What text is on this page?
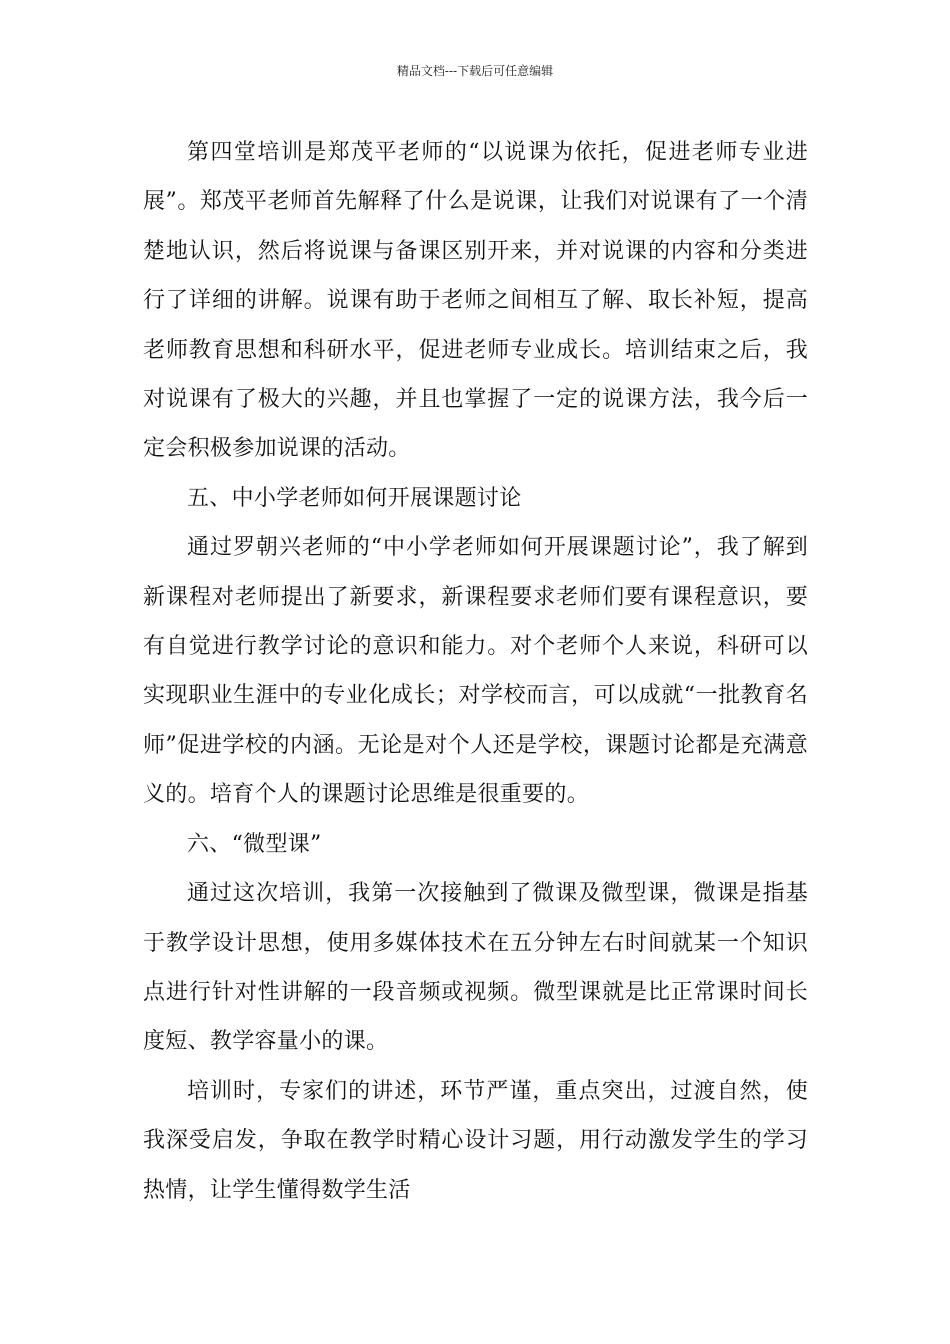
精品文档---下载后可任意编辑

第四堂培训是郑茂平老师的“以说课为依托，促进老师专业进展”。郑茂平老师首先解释了什么是说课，让我们对说课有了一个清楚地认识，然后将说课与备课区别开来，并对说课的内容和分类进行了详细的讲解。说课有助于老师之间相互了解、取长补短，提高老师教育思想和科研水平，促进老师专业成长。培训结束之后，我对说课有了极大的兴趣，并且也掌握了一定的说课方法，我今后一定会积极参加说课的活动。

五、中小学老师如何开展课题讨论

通过罗朝兴老师的“中小学老师如何开展课题讨论”，我了解到新课程对老师提出了新要求，新课程要求老师们要有课程意识，要有自觉进行教学讨论的意识和能力。对个老师个人来说，科研可以实现职业生涯中的专业化成长；对学校而言，可以成就“一批教育名师”促进学校的内涵。无论是对个人还是学校，课题讨论都是充满意义的。培育个人的课题讨论思维是很重要的。

六、“微型课”

通过这次培训，我第一次接触到了微课及微型课，微课是指基于教学设计思想，使用多媒体技术在五分钟左右时间就某一个知识点进行针对性讲解的一段音频或视频。微型课就是比正常课时间长度短、教学容量小的课。

培训时，专家们的讲述，环节严谨，重点突出，过渡自然，使我深受启发，争取在教学时精心设计习题，用行动激发学生的学习热情，让学生懂得数学生活
